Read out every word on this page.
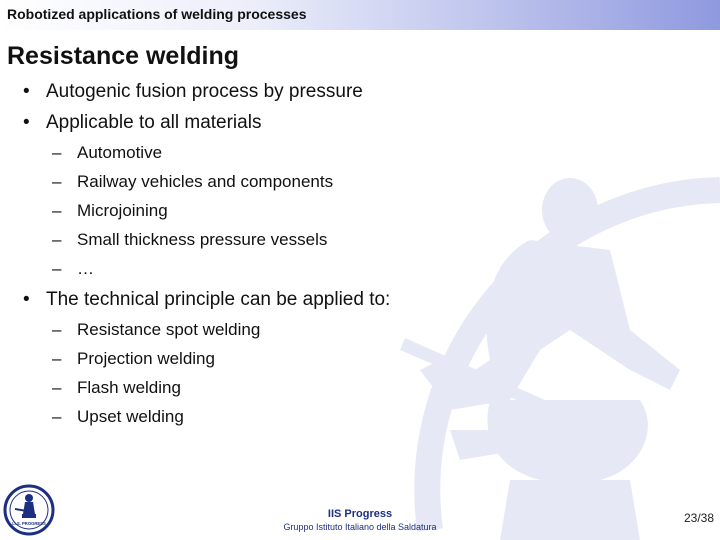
Robotized applications of welding processes
Resistance welding
• Autogenic fusion process by pressure
• Applicable to all materials
– Automotive
– Railway vehicles and components
– Microjoining
– Small thickness pressure vessels
– …
• The technical principle can be applied to:
– Resistance spot welding
– Projection welding
– Flash welding
– Upset welding
I.I.S. PROGRESS
IIS Progress
Gruppo Istituto Italiano della Saldatura
23/38
